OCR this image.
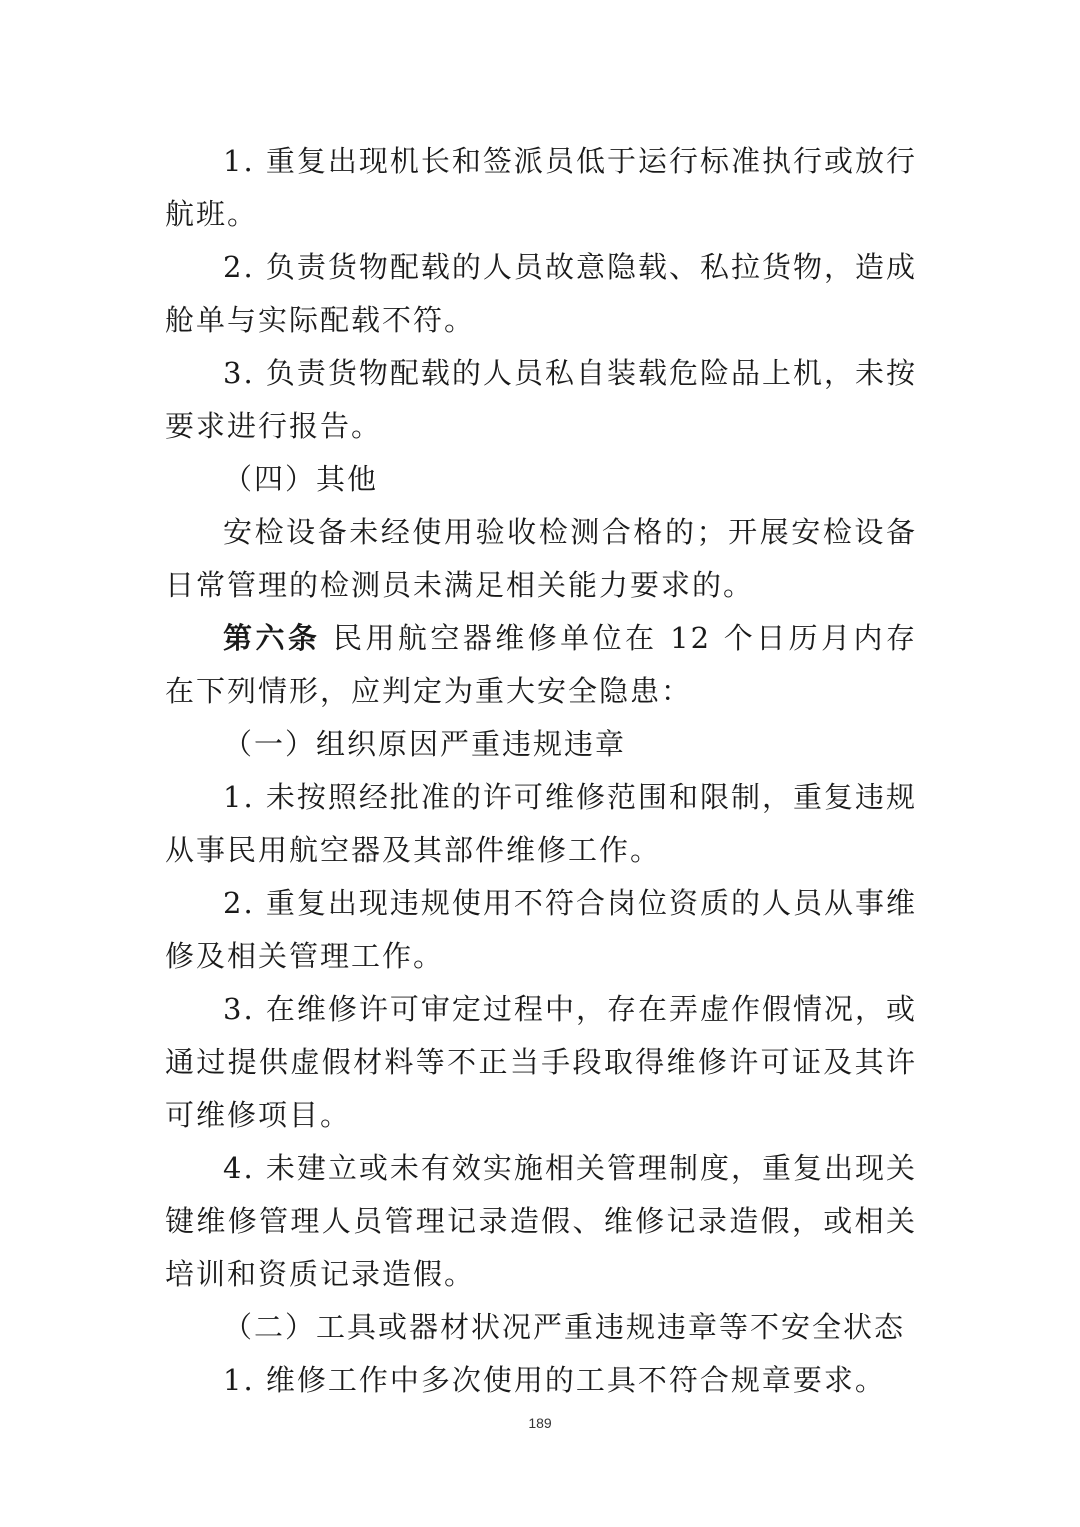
1. 重复出现机长和签派员低于运行标准执行或放行航班。

2. 负责货物配载的人员故意隐载、私拉货物，造成舱单与实际配载不符。

3. 负责货物配载的人员私自装载危险品上机，未按要求进行报告。

（四）其他

安检设备未经使用验收检测合格的；开展安检设备日常管理的检测员未满足相关能力要求的。

第六条 民用航空器维修单位在 12 个日历月内存在下列情形，应判定为重大安全隐患：

（一）组织原因严重违规违章

1. 未按照经批准的许可维修范围和限制，重复违规从事民用航空器及其部件维修工作。

2. 重复出现违规使用不符合岗位资质的人员从事维修及相关管理工作。

3. 在维修许可审定过程中，存在弄虚作假情况，或通过提供虚假材料等不正当手段取得维修许可证及其许可维修项目。

4. 未建立或未有效实施相关管理制度，重复出现关键维修管理人员管理记录造假、维修记录造假，或相关培训和资质记录造假。

（二）工具或器材状况严重违规违章等不安全状态

1. 维修工作中多次使用的工具不符合规章要求。

189
